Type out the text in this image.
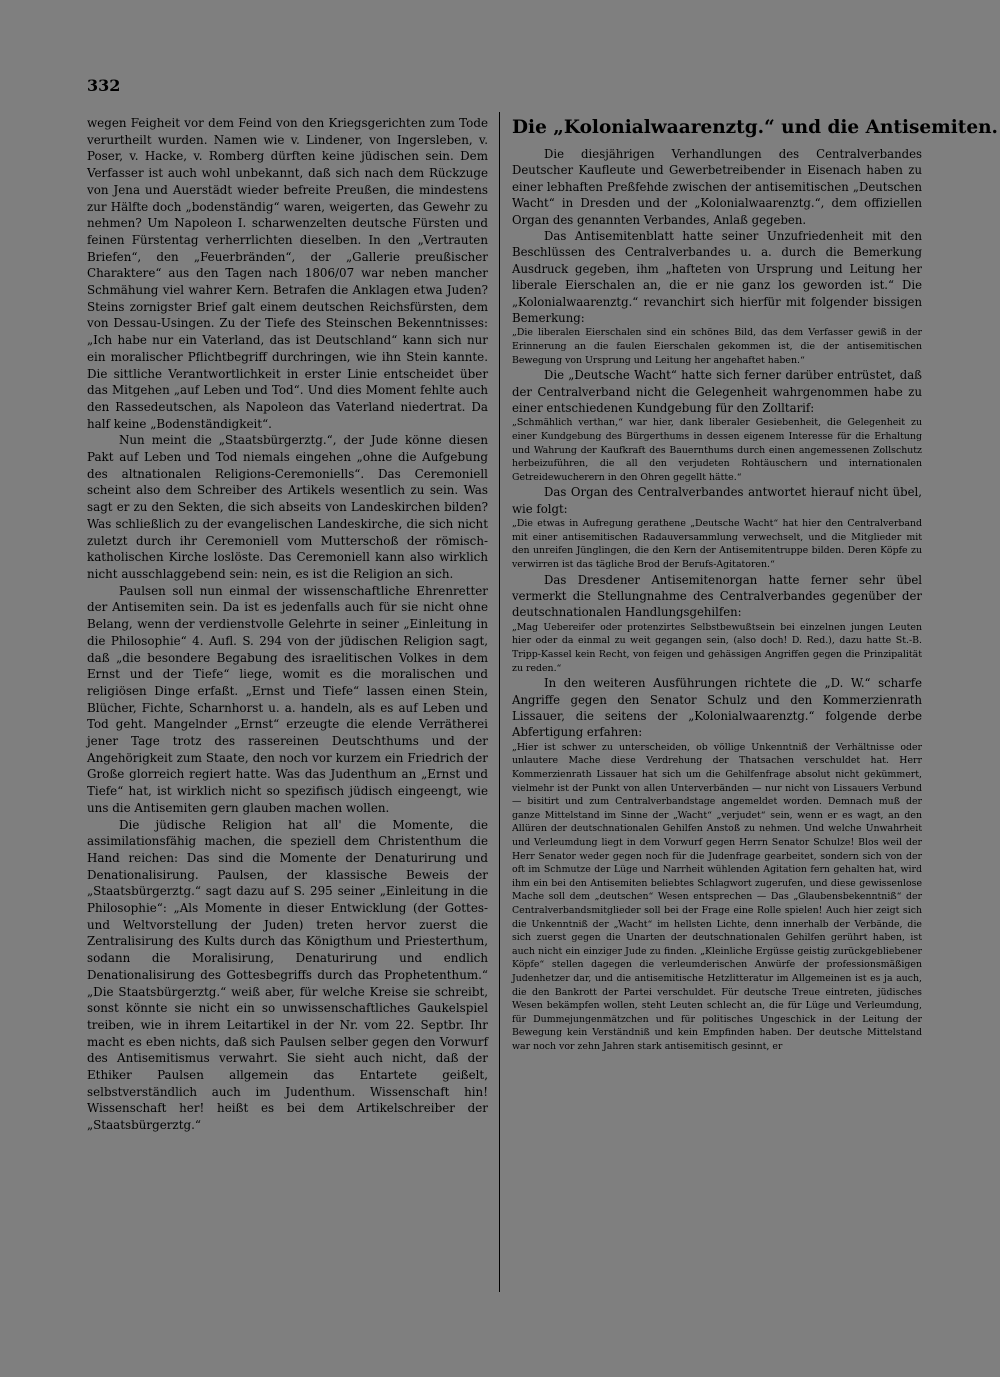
332

wegen Feigheit vor dem Feind von den Kriegsgerichten zum Tode verurtheilt wurden. Namen wie v. Lindener, von Ingersleben, v. Poser, v. Hacke, v. Romberg dürften keine jüdischen sein. Dem Verfasser ist auch wohl unbekannt, daß sich nach dem Rückzuge von Jena und Auerstädt wieder befreite Preußen, die mindestens zur Hälfte doch „bodenständig“ waren, weigerten, das Gewehr zu nehmen? Um Napoleon I. scharwenzelten deutsche Fürsten und feinen Fürstentag verherrlichten dieselben. In den „Vertrauten Briefen“, den „Feuerbränden“, der „Gallerie preußischer Charaktere“ aus den Tagen nach 1806/07 war neben mancher Schmähung viel wahrer Kern. Betrafen die Anklagen etwa Juden? Steins zornigster Brief galt einem deutschen Reichsfürsten, dem von Dessau-Usingen. Zu der Tiefe des Steinschen Bekenntnisses: „Ich habe nur ein Vaterland, das ist Deutschland“ kann sich nur ein moralischer Pflichtbegriff durchringen, wie ihn Stein kannte. Die sittliche Verantwortlichkeit in erster Linie entscheidet über das Mitgehen „auf Leben und Tod“. Und dies Moment fehlte auch den Rassedeutschen, als Napoleon das Vaterland niedertrat. Da half keine „Bodenständigkeit“.

Nun meint die „Staatsbürgerztg.“, der Jude könne diesen Pakt auf Leben und Tod niemals eingehen „ohne die Aufgebung des altnationalen Religions-Ceremoniells“. Das Ceremoniell scheint also dem Schreiber des Artikels wesentlich zu sein. Was sagt er zu den Sekten, die sich abseits von Landeskirchen bilden? Was schließlich zu der evangelischen Landeskirche, die sich nicht zuletzt durch ihr Ceremoniell vom Mutterschoß der römisch-katholischen Kirche loslöste. Das Ceremoniell kann also wirklich nicht ausschlaggebend sein: nein, es ist die Religion an sich.

Paulsen soll nun einmal der wissenschaftliche Ehrenretter der Antisemiten sein. Da ist es jedenfalls auch für sie nicht ohne Belang, wenn der verdienstvolle Gelehrte in seiner „Einleitung in die Philosophie“ 4. Aufl. S. 294 von der jüdischen Religion sagt, daß „die besondere Begabung des israelitischen Volkes in dem Ernst und der Tiefe“ liege, womit es die moralischen und religiösen Dinge erfaßt. „Ernst und Tiefe“ lassen einen Stein, Blücher, Fichte, Scharnhorst u. a. handeln, als es auf Leben und Tod geht. Mangelnder „Ernst“ erzeugte die elende Verrätherei jener Tage trotz des rassereinen Deutschthums und der Angehörigkeit zum Staate, den noch vor kurzem ein Friedrich der Große glorreich regiert hatte. Was das Judenthum an „Ernst und Tiefe“ hat, ist wirklich nicht so spezifisch jüdisch eingeengt, wie uns die Antisemiten gern glauben machen wollen.

Die jüdische Religion hat all' die Momente, die assimilationsfähig machen, die speziell dem Christenthum die Hand reichen: Das sind die Momente der Denaturirung und Denationalisirung. Paulsen, der klassische Beweis der „Staatsbürgerztg.“ sagt dazu auf S. 295 seiner „Einleitung in die Philosophie“: „Als Momente in dieser Entwicklung (der Gottes- und Weltvorstellung der Juden) treten hervor zuerst die Zentralisirung des Kults durch das Königthum und Priesterthum, sodann die Moralisirung, Denaturirung und endlich Denationalisirung des Gottesbegriffs durch das Prophetenthum.“ „Die Staatsbürgerztg.“ weiß aber, für welche Kreise sie schreibt, sonst könnte sie nicht ein so unwissenschaftliches Gaukelspiel treiben, wie in ihrem Leitartikel in der Nr. vom 22. Septbr. Ihr macht es eben nichts, daß sich Paulsen selber gegen den Vorwurf des Antisemitismus verwahrt. Sie sieht auch nicht, daß der Ethiker Paulsen allgemein das Entartete geißelt, selbstverständlich auch im Judenthum. Wissenschaft hin! Wissenschaft her! heißt es bei dem Artikelschreiber der „Staatsbürgerztg.“

Die „Kolonialwaarenztg.“ und die Antisemiten.

Die diesjährigen Verhandlungen des Centralverbandes Deutscher Kaufleute und Gewerbetreibender in Eisenach haben zu einer lebhaften Preßfehde zwischen der antisemitischen „Deutschen Wacht“ in Dresden und der „Kolonialwaarenztg.“, dem offiziellen Organ des genannten Verbandes, Anlaß gegeben.

Das Antisemitenblatt hatte seiner Unzufriedenheit mit den Beschlüssen des Centralverbandes u. a. durch die Bemerkung Ausdruck gegeben, ihm „hafteten von Ursprung und Leitung her liberale Eierschalen an, die er nie ganz los geworden ist.“ Die „Kolonialwaarenztg.“ revanchirt sich hierfür mit folgender bissigen Bemerkung:

„Die liberalen Eierschalen sind ein schönes Bild, das dem Verfasser gewiß in der Erinnerung an die faulen Eierschalen gekommen ist, die der antisemitischen Bewegung von Ursprung und Leitung her angehaftet haben.“

Die „Deutsche Wacht“ hatte sich ferner darüber entrüstet, daß der Centralverband nicht die Gelegenheit wahrgenommen habe zu einer entschiedenen Kundgebung für den Zolltarif:

„Schmählich verthan,“ war hier, dank liberaler Gesiebenheit, die Gelegenheit zu einer Kundgebung des Bürgerthums in dessen eigenem Interesse für die Erhaltung und Wahrung der Kaufkraft des Bauernthums durch einen angemessenen Zollschutz herbeizuführen, die all den verjudeten Rohtäuschern und internationalen Getreidewucherern in den Ohren gegellt hätte.“

Das Organ des Centralverbandes antwortet hierauf nicht übel, wie folgt:

„Die etwas in Aufregung gerathene „Deutsche Wacht“ hat hier den Centralverband mit einer antisemitischen Radauversammlung verwechselt, und die Mitglieder mit den unreifen Jünglingen, die den Kern der Antisemitentruppe bilden. Deren Köpfe zu verwirren ist das tägliche Brod der Berufs-Agitatoren.“

Das Dresdener Antisemitenorgan hatte ferner sehr übel vermerkt die Stellungnahme des Centralverbandes gegenüber der deutschnationalen Handlungsgehilfen:

„Mag Uebereifer oder protenzirtes Selbstbewußtsein bei einzelnen jungen Leuten hier oder da einmal zu weit gegangen sein, (also doch! D. Red.), dazu hatte St.-B. Tripp-Kassel kein Recht, von feigen und gehässigen Angriffen gegen die Prinzipalität zu reden.“

In den weiteren Ausführungen richtete die „D. W.“ scharfe Angriffe gegen den Senator Schulz und den Kommerzienrath Lissauer, die seitens der „Kolonialwaarenztg.“ folgende derbe Abfertigung erfahren:

„Hier ist schwer zu unterscheiden, ob völlige Unkenntniß der Verhältnisse oder unlautere Mache diese Verdrehung der Thatsachen verschuldet hat. Herr Kommerzienrath Lissauer hat sich um die Gehilfenfrage absolut nicht gekümmert, vielmehr ist der Punkt von allen Unterverbänden — nur nicht von Lissauers Verbund — bisitirt und zum Centralverbandstage angemeldet worden. Demnach muß der ganze Mittelstand im Sinne der „Wacht“ „verjudet“ sein, wenn er es wagt, an den Allüren der deutschnationalen Gehilfen Anstoß zu nehmen. Und welche Unwahrheit und Verleumdung liegt in dem Vorwurf gegen Herrn Senator Schulze! Blos weil der Herr Senator weder gegen noch für die Judenfrage gearbeitet, sondern sich von der oft im Schmutze der Lüge und Narrheit wühlenden Agitation fern gehalten hat, wird ihm ein bei den Antisemiten beliebtes Schlagwort zugerufen, und diese gewissenlose Mache soll dem „deutschen“ Wesen entsprechen — Das „Glaubensbekenntniß“ der Centralverbandsmitglieder soll bei der Frage eine Rolle spielen! Auch hier zeigt sich die Unkenntniß der „Wacht“ im hellsten Lichte, denn innerhalb der Verbände, die sich zuerst gegen die Unarten der deutschnationalen Gehilfen gerührt haben, ist auch nicht ein einziger Jude zu finden. „Kleinliche Ergüsse geistig zurückgebliebener Köpfe“ stellen dagegen die verleumderischen Anwürfe der professionsmäßigen Judenhetzer dar, und die antisemitische Hetzlitteratur im Allgemeinen ist es ja auch, die den Bankrott der Partei verschuldet. Für deutsche Treue eintreten, jüdisches Wesen bekämpfen wollen, steht Leuten schlecht an, die für Lüge und Verleumdung, für Dummejungenmätzchen und für politisches Ungeschick in der Leitung der Bewegung kein Verständniß und kein Empfinden haben. Der deutsche Mittelstand war noch vor zehn Jahren stark antisemitisch gesinnt, er
